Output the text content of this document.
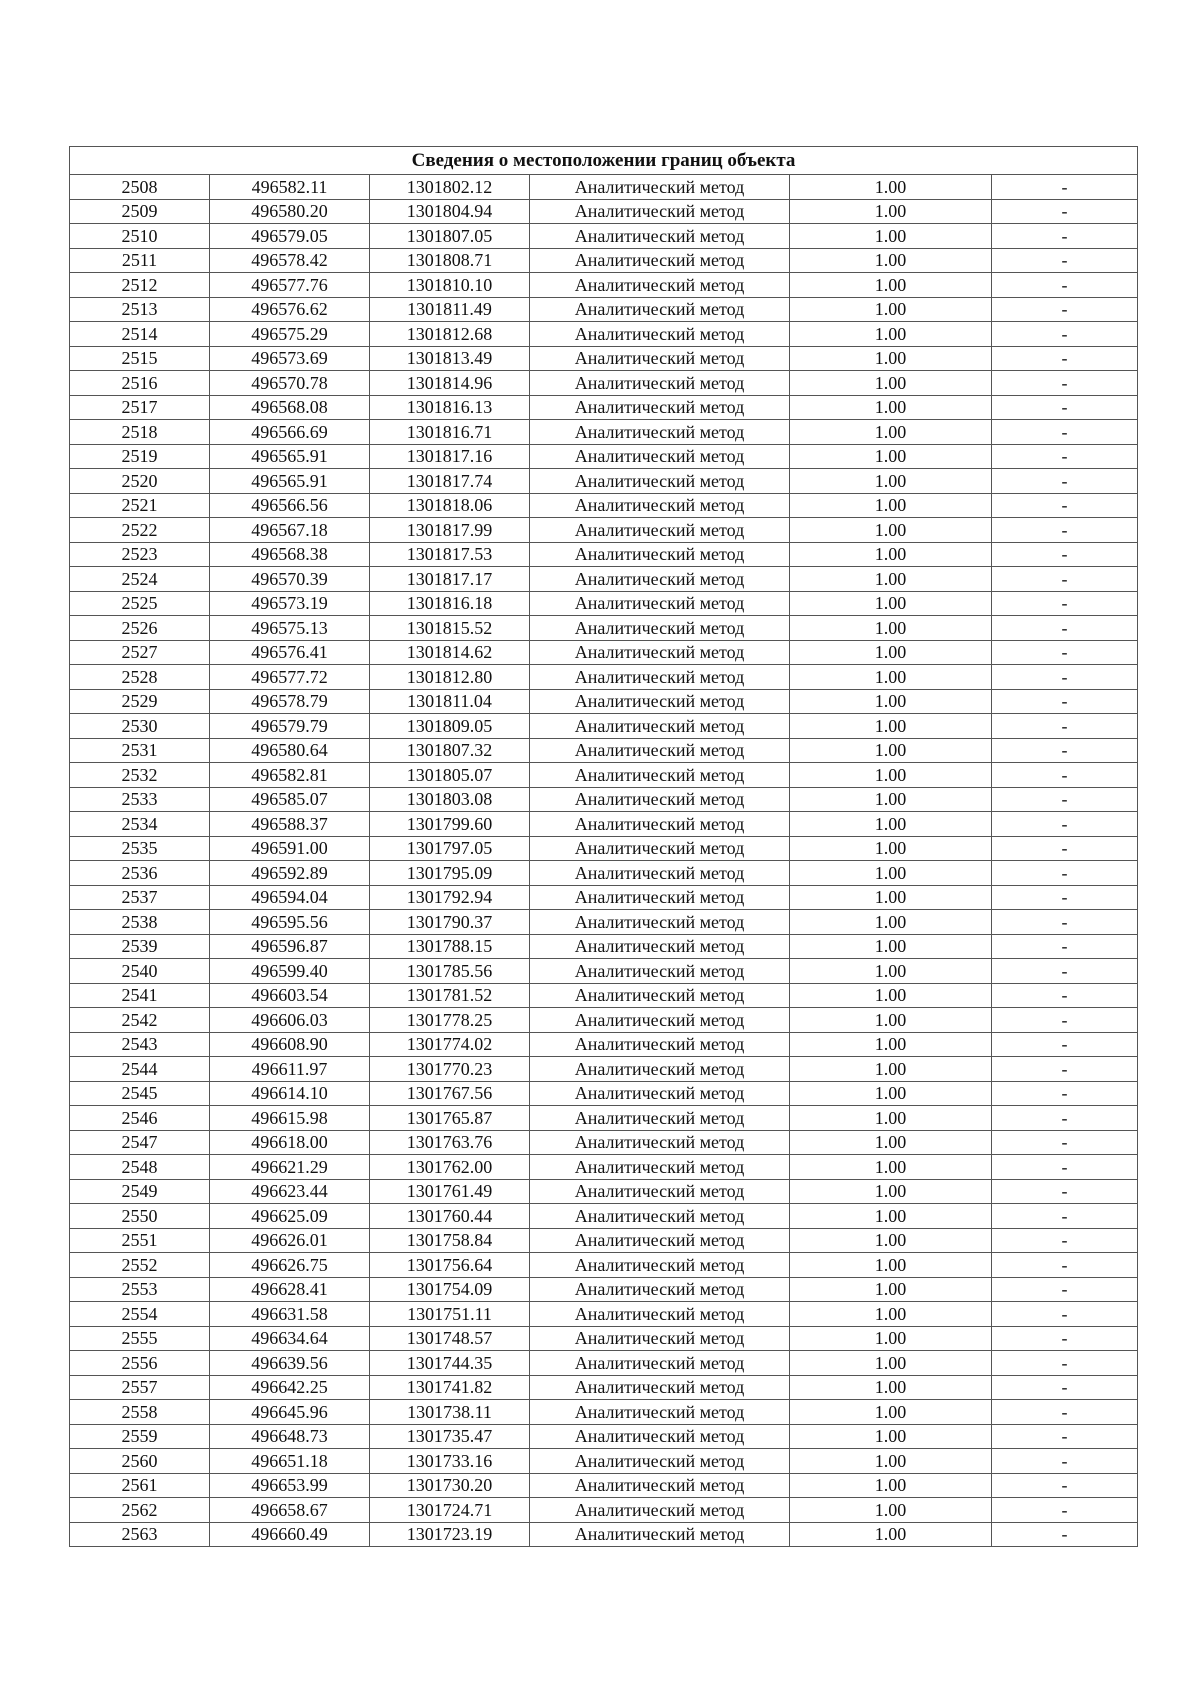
Сведения о местоположении границ объекта					
2508	496582.11	1301802.12	Аналитический метод	1.00	-
2509	496580.20	1301804.94	Аналитический метод	1.00	-
2510	496579.05	1301807.05	Аналитический метод	1.00	-
2511	496578.42	1301808.71	Аналитический метод	1.00	-
2512	496577.76	1301810.10	Аналитический метод	1.00	-
2513	496576.62	1301811.49	Аналитический метод	1.00	-
2514	496575.29	1301812.68	Аналитический метод	1.00	-
2515	496573.69	1301813.49	Аналитический метод	1.00	-
2516	496570.78	1301814.96	Аналитический метод	1.00	-
2517	496568.08	1301816.13	Аналитический метод	1.00	-
2518	496566.69	1301816.71	Аналитический метод	1.00	-
2519	496565.91	1301817.16	Аналитический метод	1.00	-
2520	496565.91	1301817.74	Аналитический метод	1.00	-
2521	496566.56	1301818.06	Аналитический метод	1.00	-
2522	496567.18	1301817.99	Аналитический метод	1.00	-
2523	496568.38	1301817.53	Аналитический метод	1.00	-
2524	496570.39	1301817.17	Аналитический метод	1.00	-
2525	496573.19	1301816.18	Аналитический метод	1.00	-
2526	496575.13	1301815.52	Аналитический метод	1.00	-
2527	496576.41	1301814.62	Аналитический метод	1.00	-
2528	496577.72	1301812.80	Аналитический метод	1.00	-
2529	496578.79	1301811.04	Аналитический метод	1.00	-
2530	496579.79	1301809.05	Аналитический метод	1.00	-
2531	496580.64	1301807.32	Аналитический метод	1.00	-
2532	496582.81	1301805.07	Аналитический метод	1.00	-
2533	496585.07	1301803.08	Аналитический метод	1.00	-
2534	496588.37	1301799.60	Аналитический метод	1.00	-
2535	496591.00	1301797.05	Аналитический метод	1.00	-
2536	496592.89	1301795.09	Аналитический метод	1.00	-
2537	496594.04	1301792.94	Аналитический метод	1.00	-
2538	496595.56	1301790.37	Аналитический метод	1.00	-
2539	496596.87	1301788.15	Аналитический метод	1.00	-
2540	496599.40	1301785.56	Аналитический метод	1.00	-
2541	496603.54	1301781.52	Аналитический метод	1.00	-
2542	496606.03	1301778.25	Аналитический метод	1.00	-
2543	496608.90	1301774.02	Аналитический метод	1.00	-
2544	496611.97	1301770.23	Аналитический метод	1.00	-
2545	496614.10	1301767.56	Аналитический метод	1.00	-
2546	496615.98	1301765.87	Аналитический метод	1.00	-
2547	496618.00	1301763.76	Аналитический метод	1.00	-
2548	496621.29	1301762.00	Аналитический метод	1.00	-
2549	496623.44	1301761.49	Аналитический метод	1.00	-
2550	496625.09	1301760.44	Аналитический метод	1.00	-
2551	496626.01	1301758.84	Аналитический метод	1.00	-
2552	496626.75	1301756.64	Аналитический метод	1.00	-
2553	496628.41	1301754.09	Аналитический метод	1.00	-
2554	496631.58	1301751.11	Аналитический метод	1.00	-
2555	496634.64	1301748.57	Аналитический метод	1.00	-
2556	496639.56	1301744.35	Аналитический метод	1.00	-
2557	496642.25	1301741.82	Аналитический метод	1.00	-
2558	496645.96	1301738.11	Аналитический метод	1.00	-
2559	496648.73	1301735.47	Аналитический метод	1.00	-
2560	496651.18	1301733.16	Аналитический метод	1.00	-
2561	496653.99	1301730.20	Аналитический метод	1.00	-
2562	496658.67	1301724.71	Аналитический метод	1.00	-
2563	496660.49	1301723.19	Аналитический метод	1.00	-
